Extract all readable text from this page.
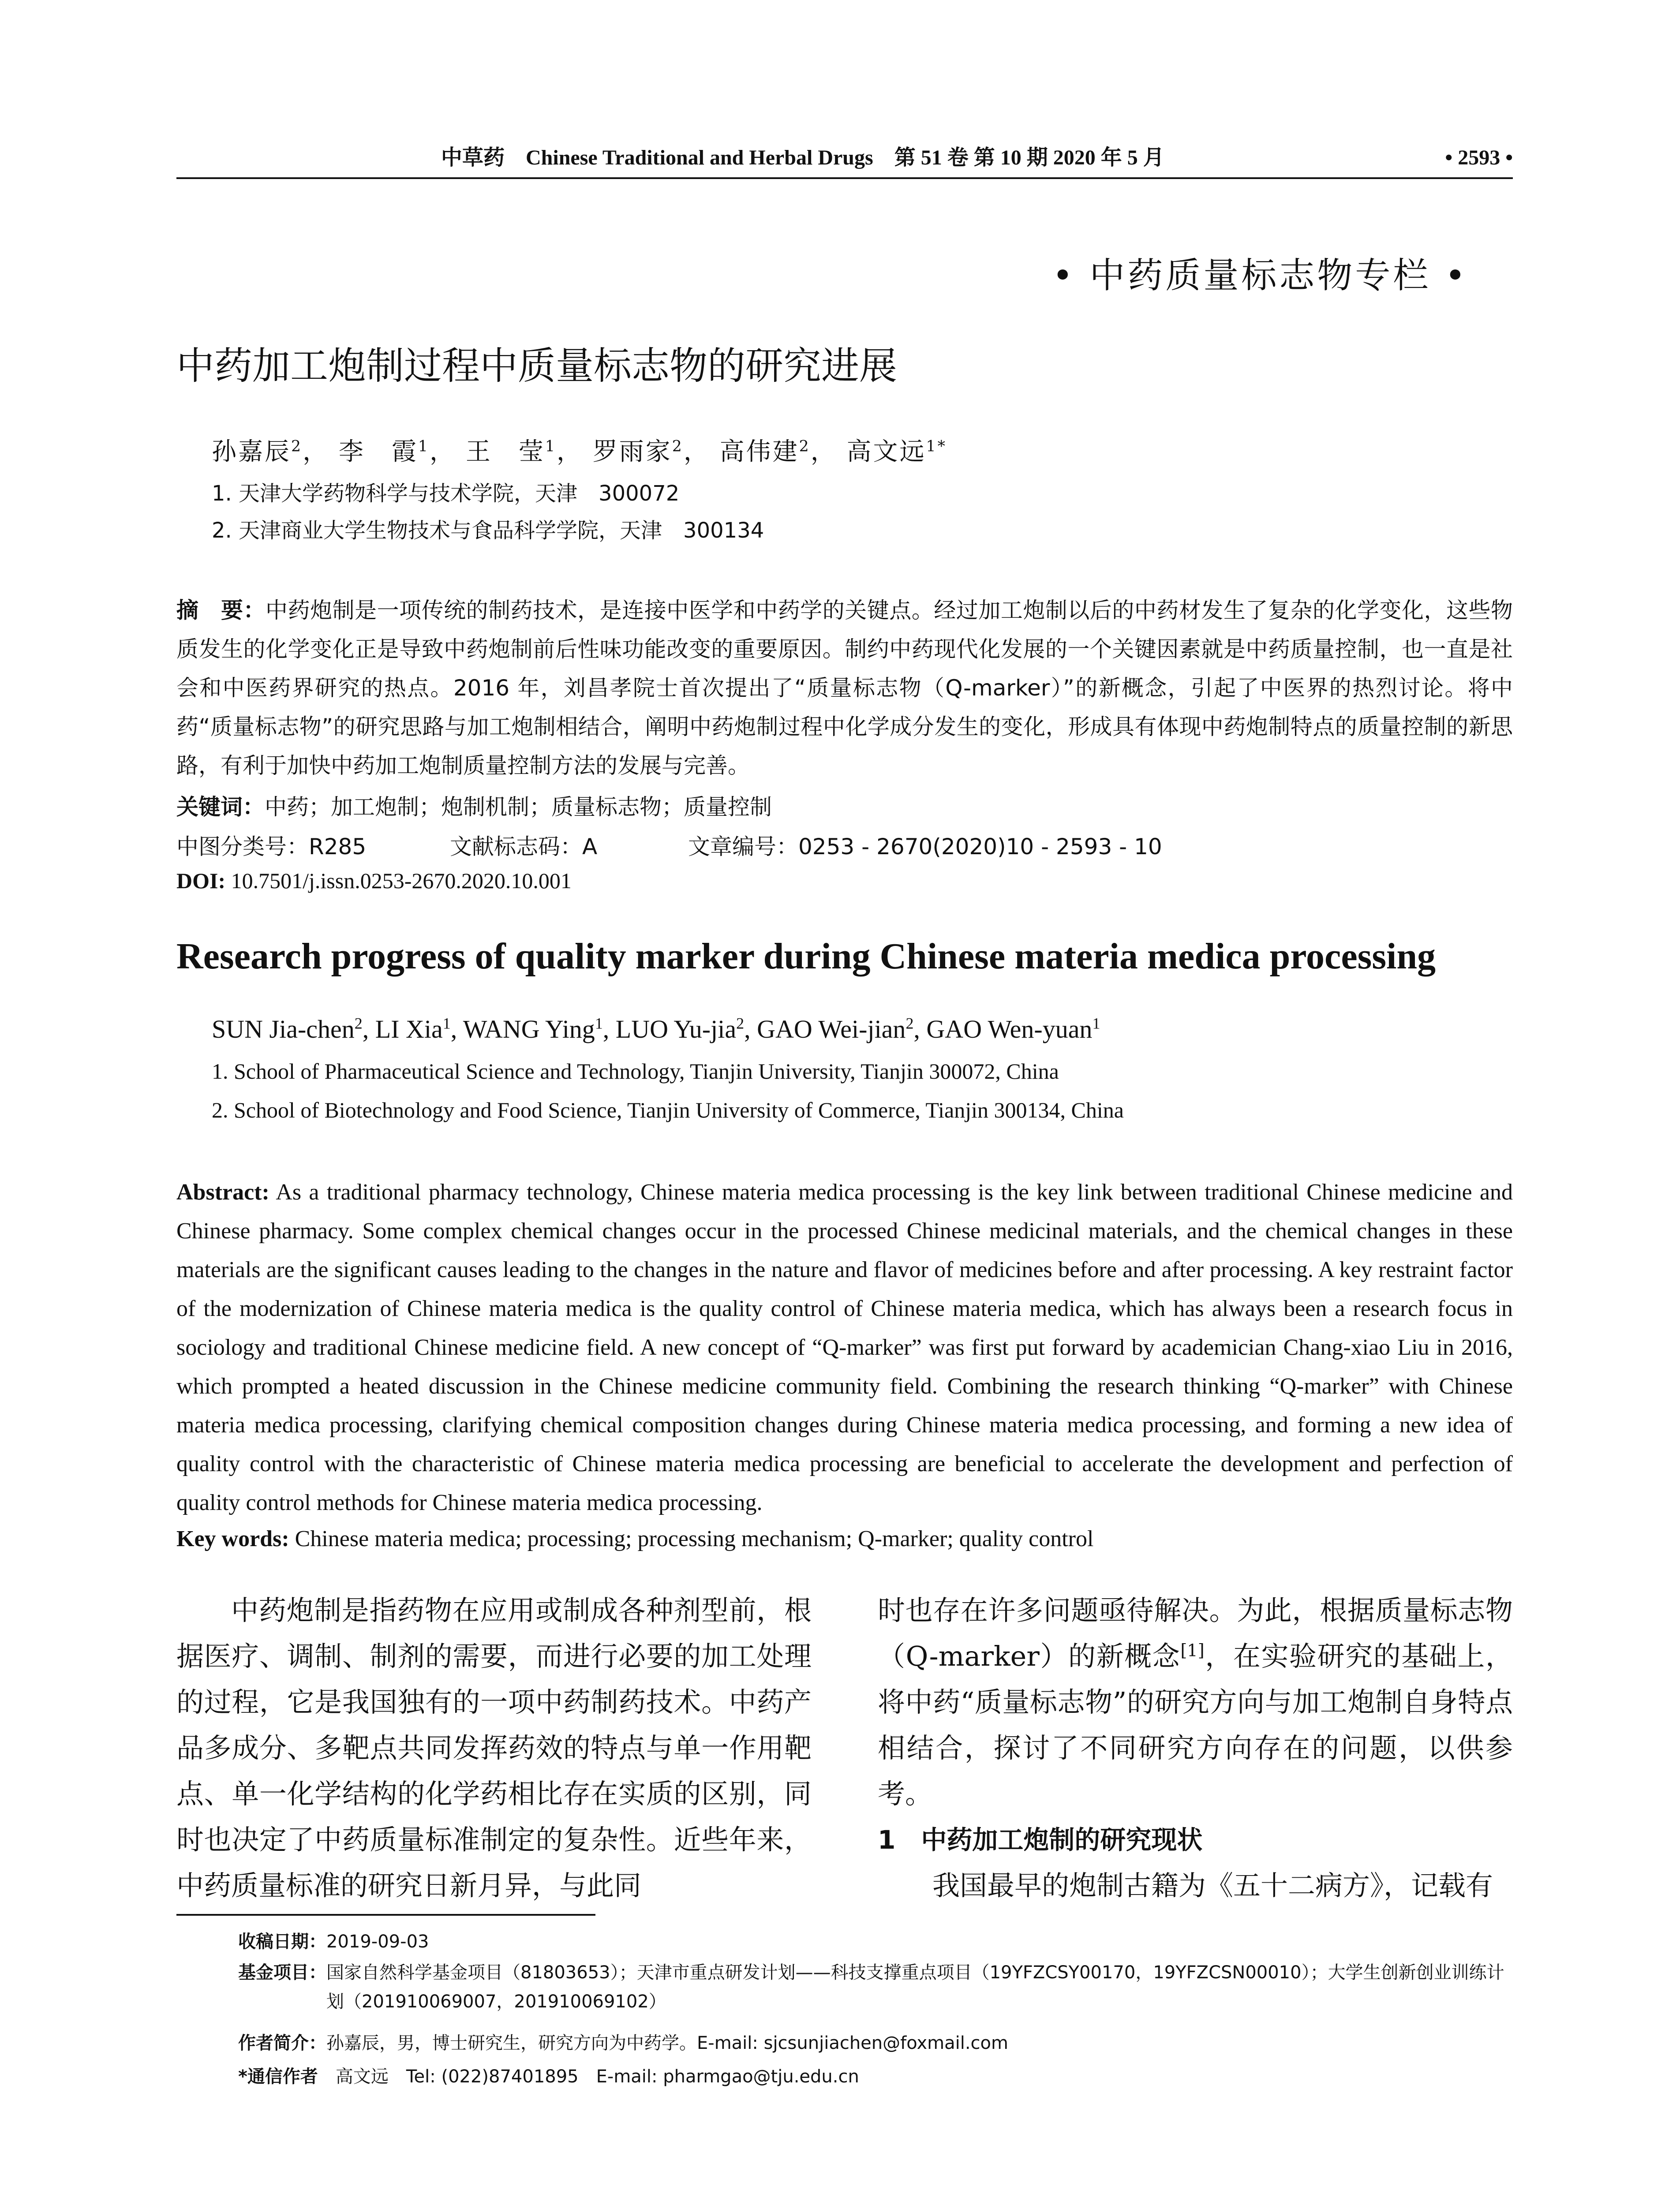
中草药 Chinese Traditional and Herbal Drugs 第 51 卷 第 10 期 2020 年 5 月	• 2593 •
• 中药质量标志物专栏 •
中药加工炮制过程中质量标志物的研究进展
孙嘉辰$^2$， 李　霞$^1$， 王　莹$^1$， 罗雨家$^2$， 高伟建$^2$， 高文远$^{1*}$
1. 天津大学药物科学与技术学院，天津　300072
2. 天津商业大学生物技术与食品科学学院，天津　300134
摘　要：中药炮制是一项传统的制药技术，是连接中医学和中药学的关键点。经过加工炮制以后的中药材发生了复杂的化学变化，这些物质发生的化学变化正是导致中药炮制前后性味功能改变的重要原因。制约中药现代化发展的一个关键因素就是中药质量控制，也一直是社会和中医药界研究的热点。2016 年，刘昌孝院士首次提出了“质量标志物（Q-marker）”的新概念，引起了中医界的热烈讨论。将中药“质量标志物”的研究思路与加工炮制相结合，阐明中药炮制过程中化学成分发生的变化，形成具有体现中药炮制特点的质量控制的新思路，有利于加快中药加工炮制质量控制方法的发展与完善。
关键词：中药；加工炮制；炮制机制；质量标志物；质量控制
中图分类号：R285	文献标志码：A	文章编号：0253 - 2670(2020)10 - 2593 - 10
DOI: 10.7501/j.issn.0253-2670.2020.10.001
Research progress of quality marker during Chinese materia medica processing
SUN Jia-chen$^2$, LI Xia$^1$, WANG Ying$^1$, LUO Yu-jia$^2$, GAO Wei-jian$^2$, GAO Wen-yuan$^1$
1. School of Pharmaceutical Science and Technology, Tianjin University, Tianjin 300072, China
2. School of Biotechnology and Food Science, Tianjin University of Commerce, Tianjin 300134, China
Abstract: As a traditional pharmacy technology, Chinese materia medica processing is the key link between traditional Chinese medicine and Chinese pharmacy. Some complex chemical changes occur in the processed Chinese medicinal materials, and the chemical changes in these materials are the significant causes leading to the changes in the nature and flavor of medicines before and after processing. A key restraint factor of the modernization of Chinese materia medica is the quality control of Chinese materia medica, which has always been a research focus in sociology and traditional Chinese medicine field. A new concept of “Q-marker” was first put forward by academician Chang-xiao Liu in 2016, which prompted a heated discussion in the Chinese medicine community field. Combining the research thinking “Q-marker” with Chinese materia medica processing, clarifying chemical composition changes during Chinese materia medica processing, and forming a new idea of quality control with the characteristic of Chinese materia medica processing are beneficial to accelerate the development and perfection of quality control methods for Chinese materia medica processing.
Key words: Chinese materia medica; processing; processing mechanism; Q-marker; quality control

中药炮制是指药物在应用或制成各种剂型前，根据医疗、调制、制剂的需要，而进行必要的加工处理的过程，它是我国独有的一项中药制药技术。中药产品多成分、多靶点共同发挥药效的特点与单一作用靶点、单一化学结构的化学药相比存在实质的区别，同时也决定了中药质量标准制定的复杂性。近些年来，中药质量标准的研究日新月异，与此同

时也存在许多问题亟待解决。为此，根据质量标志物（Q-marker）的新概念[1]，在实验研究的基础上，将中药“质量标志物”的研究方向与加工炮制自身特点相结合，探讨了不同研究方向存在的问题，以供参考。

1　中药加工炮制的研究现状

我国最早的炮制古籍为《五十二病方》，记载有

收稿日期：2019-09-03
基金项目： 国家自然科学基金项目（81803653）；天津市重点研发计划——科技支撑重点项目（19YFZCSY00170，19YFZCSN00010）；大学生创新创业训练计划（201910069007，201910069102）
作者简介：孙嘉辰，男，博士研究生，研究方向为中药学。E-mail: sjcsunjiachen@foxmail.com
*通信作者　高文远　Tel: (022)87401895　E-mail: pharmgao@tju.edu.cn
